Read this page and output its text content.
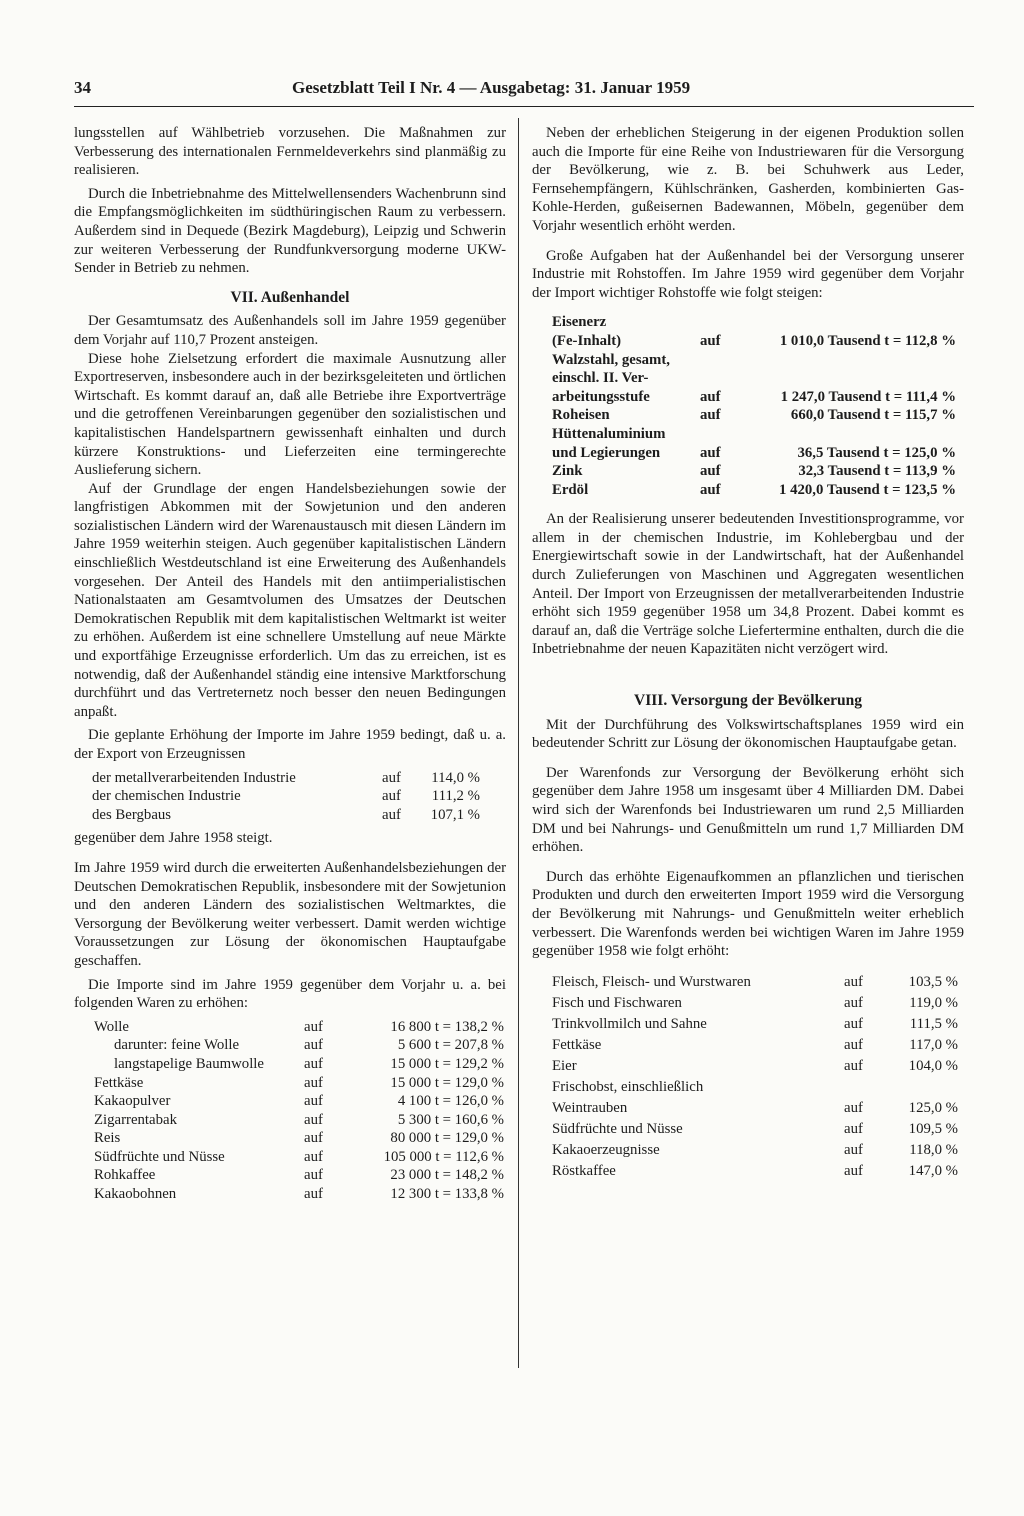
34	Gesetzblatt Teil I Nr. 4 — Ausgabetag: 31. Januar 1959

lungsstellen auf Wählbetrieb vorzusehen. Die Maßnahmen zur Verbesserung des internationalen Fernmeldeverkehrs sind planmäßig zu realisieren.

Durch die Inbetriebnahme des Mittelwellensenders Wachenbrunn sind die Empfangsmöglichkeiten im südthüringischen Raum zu verbessern. Außerdem sind in Dequede (Bezirk Magdeburg), Leipzig und Schwerin zur weiteren Verbesserung der Rundfunkversorgung moderne UKW-Sender in Betrieb zu nehmen.

VII. Außenhandel

Der Gesamtumsatz des Außenhandels soll im Jahre 1959 gegenüber dem Vorjahr auf 110,7 Prozent ansteigen.

Diese hohe Zielsetzung erfordert die maximale Ausnutzung aller Exportreserven, insbesondere auch in der bezirksgeleiteten und örtlichen Wirtschaft. Es kommt darauf an, daß alle Betriebe ihre Exportverträge und die getroffenen Vereinbarungen gegenüber den sozialistischen und kapitalistischen Handelspartnern gewissenhaft einhalten und durch kürzere Konstruktions- und Lieferzeiten eine termingerechte Auslieferung sichern.

Auf der Grundlage der engen Handelsbeziehungen sowie der langfristigen Abkommen mit der Sowjetunion und den anderen sozialistischen Ländern wird der Warenaustausch mit diesen Ländern im Jahre 1959 weiterhin steigen. Auch gegenüber kapitalistischen Ländern einschließlich Westdeutschland ist eine Erweiterung des Außenhandels vorgesehen. Der Anteil des Handels mit den antiimperialistischen Nationalstaaten am Gesamtvolumen des Umsatzes der Deutschen Demokratischen Republik mit dem kapitalistischen Weltmarkt ist weiter zu erhöhen. Außerdem ist eine schnellere Umstellung auf neue Märkte und exportfähige Erzeugnisse erforderlich. Um das zu erreichen, ist es notwendig, daß der Außenhandel ständig eine intensive Marktforschung durchführt und das Vertreternetz noch besser den neuen Bedingungen anpaßt.

Die geplante Erhöhung der Importe im Jahre 1959 bedingt, daß u. a. der Export von Erzeugnissen

der metallverarbeitenden Industrie	auf	114,0 %
der chemischen Industrie	auf	111,2 %
des Bergbaus	auf	107,1 %

gegenüber dem Jahre 1958 steigt.

Im Jahre 1959 wird durch die erweiterten Außenhandelsbeziehungen der Deutschen Demokratischen Republik, insbesondere mit der Sowjetunion und den anderen Ländern des sozialistischen Weltmarktes, die Versorgung der Bevölkerung weiter verbessert. Damit werden wichtige Voraussetzungen zur Lösung der ökonomischen Hauptaufgabe geschaffen.

Die Importe sind im Jahre 1959 gegenüber dem Vorjahr u. a. bei folgenden Waren zu erhöhen:

Wolle	auf	16 800 t = 138,2 %
darunter: feine Wolle	auf	5 600 t = 207,8 %
langstapelige Baumwolle	auf	15 000 t = 129,2 %
Fettkäse	auf	15 000 t = 129,0 %
Kakaopulver	auf	4 100 t = 126,0 %
Zigarrentabak	auf	5 300 t = 160,6 %
Reis	auf	80 000 t = 129,0 %
Südfrüchte und Nüsse	auf	105 000 t = 112,6 %
Rohkaffee	auf	23 000 t = 148,2 %
Kakaobohnen	auf	12 300 t = 133,8 %

Neben der erheblichen Steigerung in der eigenen Produktion sollen auch die Importe für eine Reihe von Industriewaren für die Versorgung der Bevölkerung, wie z. B. bei Schuhwerk aus Leder, Fernsehempfängern, Kühlschränken, Gasherden, kombinierten Gas-Kohle-Herden, gußeisernen Badewannen, Möbeln, gegenüber dem Vorjahr wesentlich erhöht werden.

Große Aufgaben hat der Außenhandel bei der Versorgung unserer Industrie mit Rohstoffen. Im Jahre 1959 wird gegenüber dem Vorjahr der Import wichtiger Rohstoffe wie folgt steigen:

Eisenerz
(Fe-Inhalt)	auf	1 010,0 Tausend t = 112,8 %

Walzstahl, gesamt,
einschl. II. Ver-
arbeitungsstufe	auf	1 247,0 Tausend t = 111,4 %

Roheisen	auf	660,0 Tausend t = 115,7 %

Hüttenaluminium
und Legierungen	auf	36,5 Tausend t = 125,0 %

Zink	auf	32,3 Tausend t = 113,9 %

Erdöl	auf	1 420,0 Tausend t = 123,5 %

An der Realisierung unserer bedeutenden Investitionsprogramme, vor allem in der chemischen Industrie, im Kohlebergbau und der Energiewirtschaft sowie in der Landwirtschaft, hat der Außenhandel durch Zulieferungen von Maschinen und Aggregaten wesentlichen Anteil. Der Import von Erzeugnissen der metallverarbeitenden Industrie erhöht sich 1959 gegenüber 1958 um 34,8 Prozent. Dabei kommt es darauf an, daß die Verträge solche Liefertermine enthalten, durch die die Inbetriebnahme der neuen Kapazitäten nicht verzögert wird.

VIII. Versorgung der Bevölkerung

Mit der Durchführung des Volkswirtschaftsplanes 1959 wird ein bedeutender Schritt zur Lösung der ökonomischen Hauptaufgabe getan.

Der Warenfonds zur Versorgung der Bevölkerung erhöht sich gegenüber dem Jahre 1958 um insgesamt über 4 Milliarden DM. Dabei wird sich der Warenfonds bei Industriewaren um rund 2,5 Milliarden DM und bei Nahrungs- und Genußmitteln um rund 1,7 Milliarden DM erhöhen.

Durch das erhöhte Eigenaufkommen an pflanzlichen und tierischen Produkten und durch den erweiterten Import 1959 wird die Versorgung der Bevölkerung mit Nahrungs- und Genußmitteln weiter erheblich verbessert. Die Warenfonds werden bei wichtigen Waren im Jahre 1959 gegenüber 1958 wie folgt erhöht:

Fleisch, Fleisch- und Wurstwaren	auf	103,5 %

Fisch und Fischwaren	auf	119,0 %

Trinkvollmilch und Sahne	auf	111,5 %

Fettkäse	auf	117,0 %

Eier	auf	104,0 %

Frischobst, einschließlich
Weintrauben	auf	125,0 %

Südfrüchte und Nüsse	auf	109,5 %

Kakaoerzeugnisse	auf	118,0 %

Röstkaffee	auf	147,0 %
